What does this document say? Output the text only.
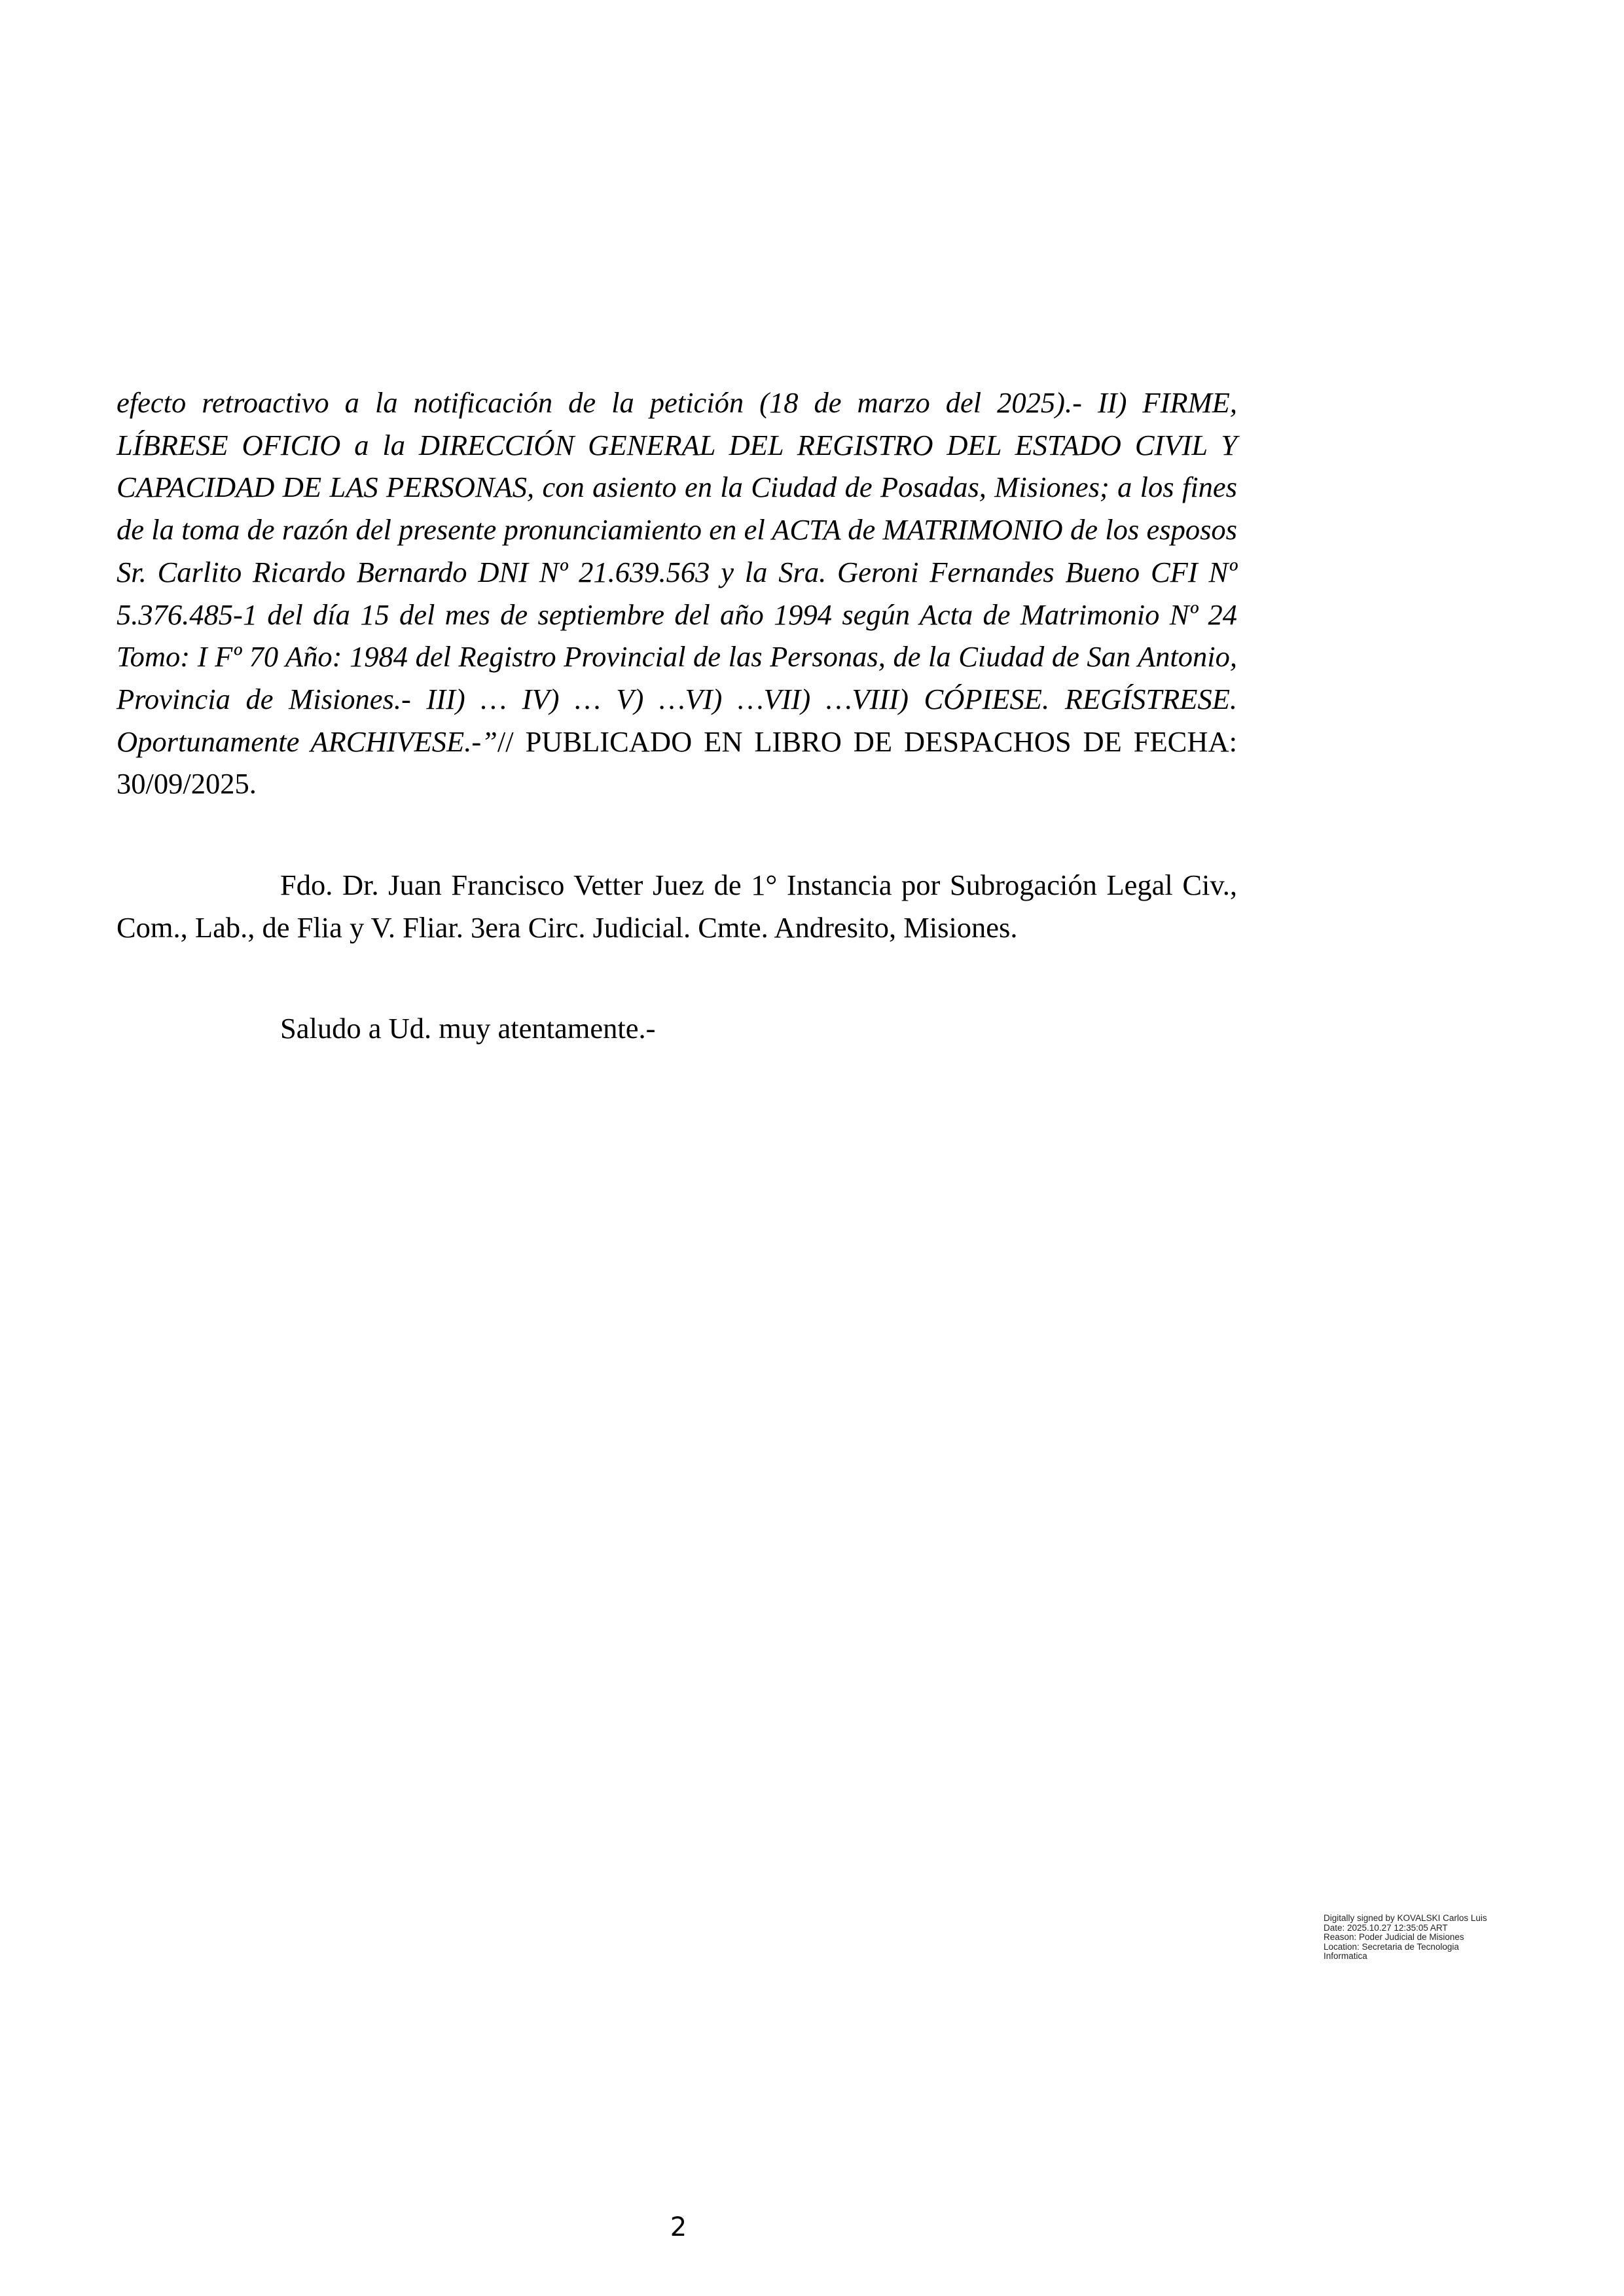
efecto retroactivo a la notificación de la petición (18 de marzo del 2025).- II) FIRME, LÍBRESE OFICIO a la DIRECCIÓN GENERAL DEL REGISTRO DEL ESTADO CIVIL Y CAPACIDAD DE LAS PERSONAS, con asiento en la Ciudad de Posadas, Misiones; a los fines de la toma de razón del presente pronunciamiento en el ACTA de MATRIMONIO de los esposos Sr. Carlito Ricardo Bernardo DNI Nº 21.639.563 y la Sra. Geroni Fernandes Bueno CFI Nº 5.376.485-1 del día 15 del mes de septiembre del año 1994 según Acta de Matrimonio Nº 24 Tomo: I Fº 70 Año: 1984 del Registro Provincial de las Personas, de la Ciudad de San Antonio, Provincia de Misiones.- III) … IV) … V) …VI) …VII) …VIII) CÓPIESE. REGÍSTRESE. Oportunamente ARCHIVESE.-”// PUBLICADO EN LIBRO DE DESPACHOS DE FECHA: 30/09/2025.

Fdo. Dr. Juan Francisco Vetter Juez de 1° Instancia por Subrogación Legal Civ., Com., Lab., de Flia y V. Fliar. 3era Circ. Judicial. Cmte. Andresito, Misiones.

Saludo a Ud. muy atentamente.-

Digitally signed by KOVALSKI Carlos Luis
Date: 2025.10.27 12:35:05 ART
Reason: Poder Judicial de Misiones
Location: Secretaria de Tecnologia
Informatica
2
